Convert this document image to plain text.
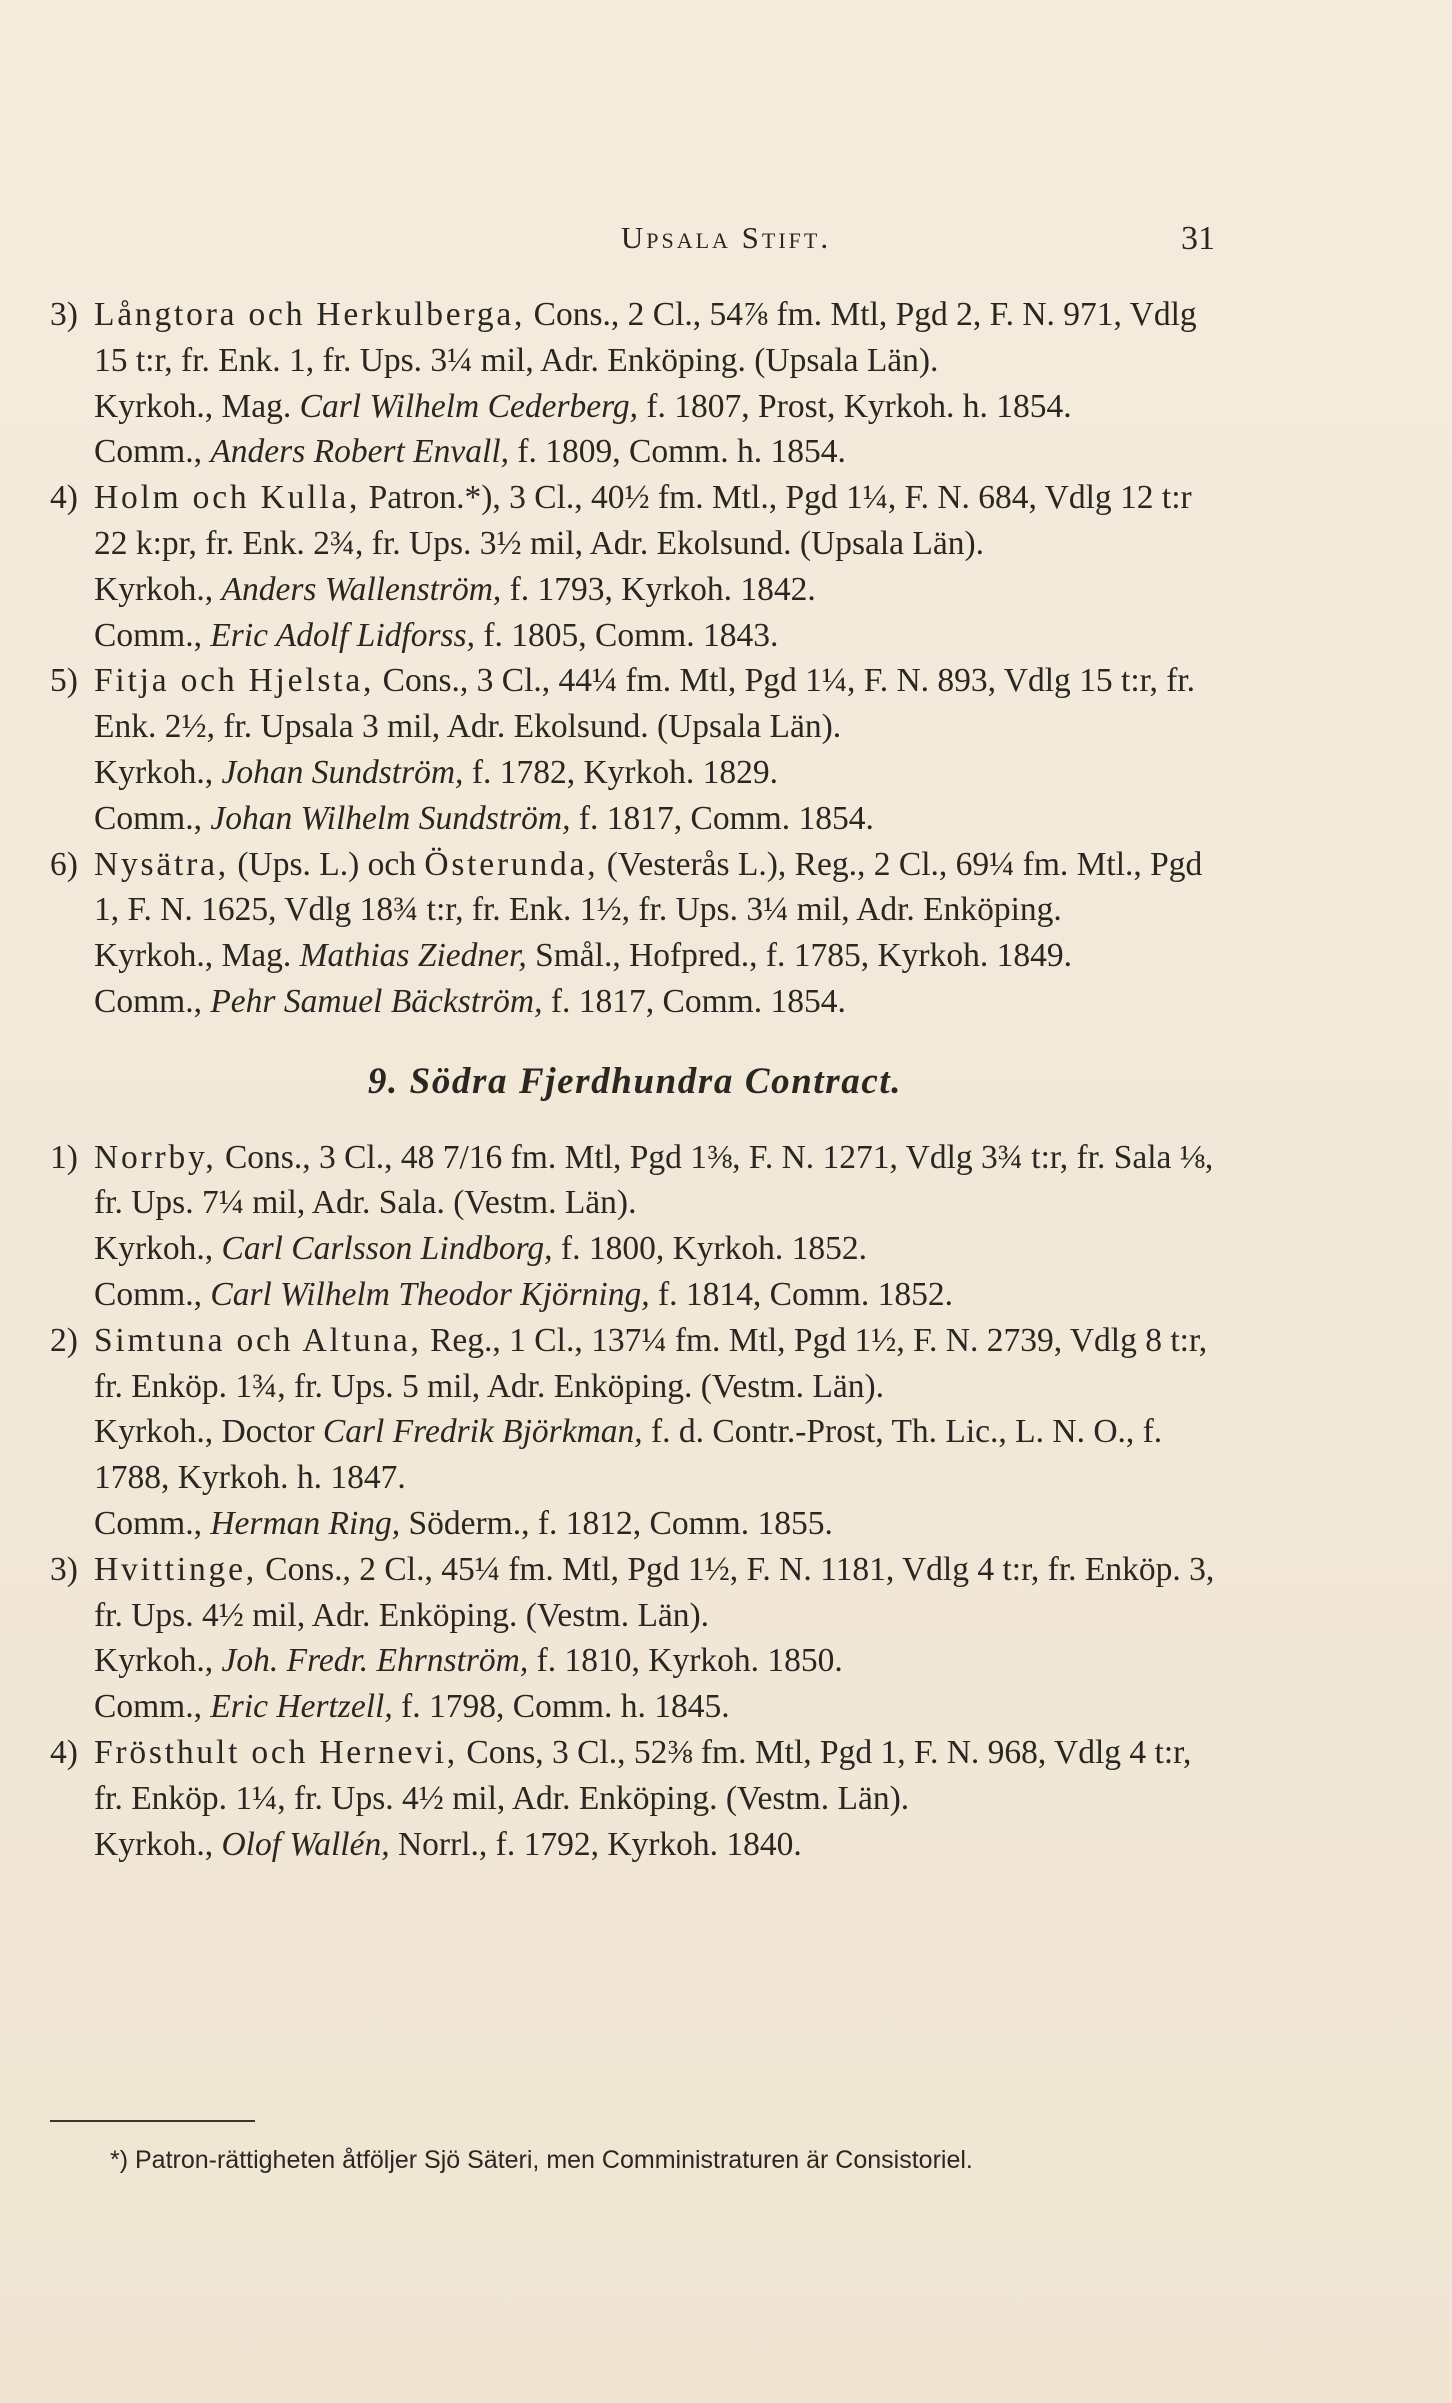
Upsala Stift.	31
3) Långtora och Herkulberga, Cons., 2 Cl., 54⅞ fm. Mtl, Pgd 2, F. N. 971, Vdlg 15 t:r, fr. Enk. 1, fr. Ups. 3¼ mil, Adr. Enköping. (Upsala Län).
Kyrkoh., Mag. Carl Wilhelm Cederberg, f. 1807, Prost, Kyrkoh. h. 1854.
Comm., Anders Robert Envall, f. 1809, Comm. h. 1854.
4) Holm och Kulla, Patron.*), 3 Cl., 40½ fm. Mtl., Pgd 1¼, F. N. 684, Vdlg 12 t:r 22 k:pr, fr. Enk. 2¾, fr. Ups. 3½ mil, Adr. Ekolsund. (Upsala Län).
Kyrkoh., Anders Wallenström, f. 1793, Kyrkoh. 1842.
Comm., Eric Adolf Lidforss, f. 1805, Comm. 1843.
5) Fitja och Hjelsta, Cons., 3 Cl., 44¼ fm. Mtl, Pgd 1¼, F. N. 893, Vdlg 15 t:r, fr. Enk. 2½, fr. Upsala 3 mil, Adr. Ekolsund. (Upsala Län).
Kyrkoh., Johan Sundström, f. 1782, Kyrkoh. 1829.
Comm., Johan Wilhelm Sundström, f. 1817, Comm. 1854.
6) Nysätra, (Ups. L.) och Österunda, (Vesterås L.), Reg., 2 Cl., 69¼ fm. Mtl., Pgd 1, F. N. 1625, Vdlg 18¾ t:r, fr. Enk. 1½, fr. Ups. 3¼ mil, Adr. Enköping.
Kyrkoh., Mag. Mathias Ziedner, Smål., Hofpred., f. 1785, Kyrkoh. 1849.
Comm., Pehr Samuel Bäckström, f. 1817, Comm. 1854.
9. Södra Fjerdhundra Contract.
1) Norrby, Cons., 3 Cl., 48 7/16 fm. Mtl, Pgd 1⅜, F. N. 1271, Vdlg 3¾ t:r, fr. Sala ⅛, fr. Ups. 7¼ mil, Adr. Sala. (Vestm. Län).
Kyrkoh., Carl Carlsson Lindborg, f. 1800, Kyrkoh. 1852.
Comm., Carl Wilhelm Theodor Kjörning, f. 1814, Comm. 1852.
2) Simtuna och Altuna, Reg., 1 Cl., 137¼ fm. Mtl, Pgd 1½, F. N. 2739, Vdlg 8 t:r, fr. Enköp. 1¾, fr. Ups. 5 mil, Adr. Enköping. (Vestm. Län).
Kyrkoh., Doctor Carl Fredrik Björkman, f. d. Contr.-Prost, Th. Lic., L. N. O., f. 1788, Kyrkoh. h. 1847.
Comm., Herman Ring, Söderm., f. 1812, Comm. 1855.
3) Hvittinge, Cons., 2 Cl., 45¼ fm. Mtl, Pgd 1½, F. N. 1181, Vdlg 4 t:r, fr. Enköp. 3, fr. Ups. 4½ mil, Adr. Enköping. (Vestm. Län).
Kyrkoh., Joh. Fredr. Ehrnström, f. 1810, Kyrkoh. 1850.
Comm., Eric Hertzell, f. 1798, Comm. h. 1845.
4) Frösthult och Hernevi, Cons, 3 Cl., 52⅜ fm. Mtl, Pgd 1, F. N. 968, Vdlg 4 t:r, fr. Enköp. 1¼, fr. Ups. 4½ mil, Adr. Enköping. (Vestm. Län).
Kyrkoh., Olof Wallén, Norrl., f. 1792, Kyrkoh. 1840.
*) Patron-rättigheten åtföljer Sjö Säteri, men Comministraturen är Consistoriel.
